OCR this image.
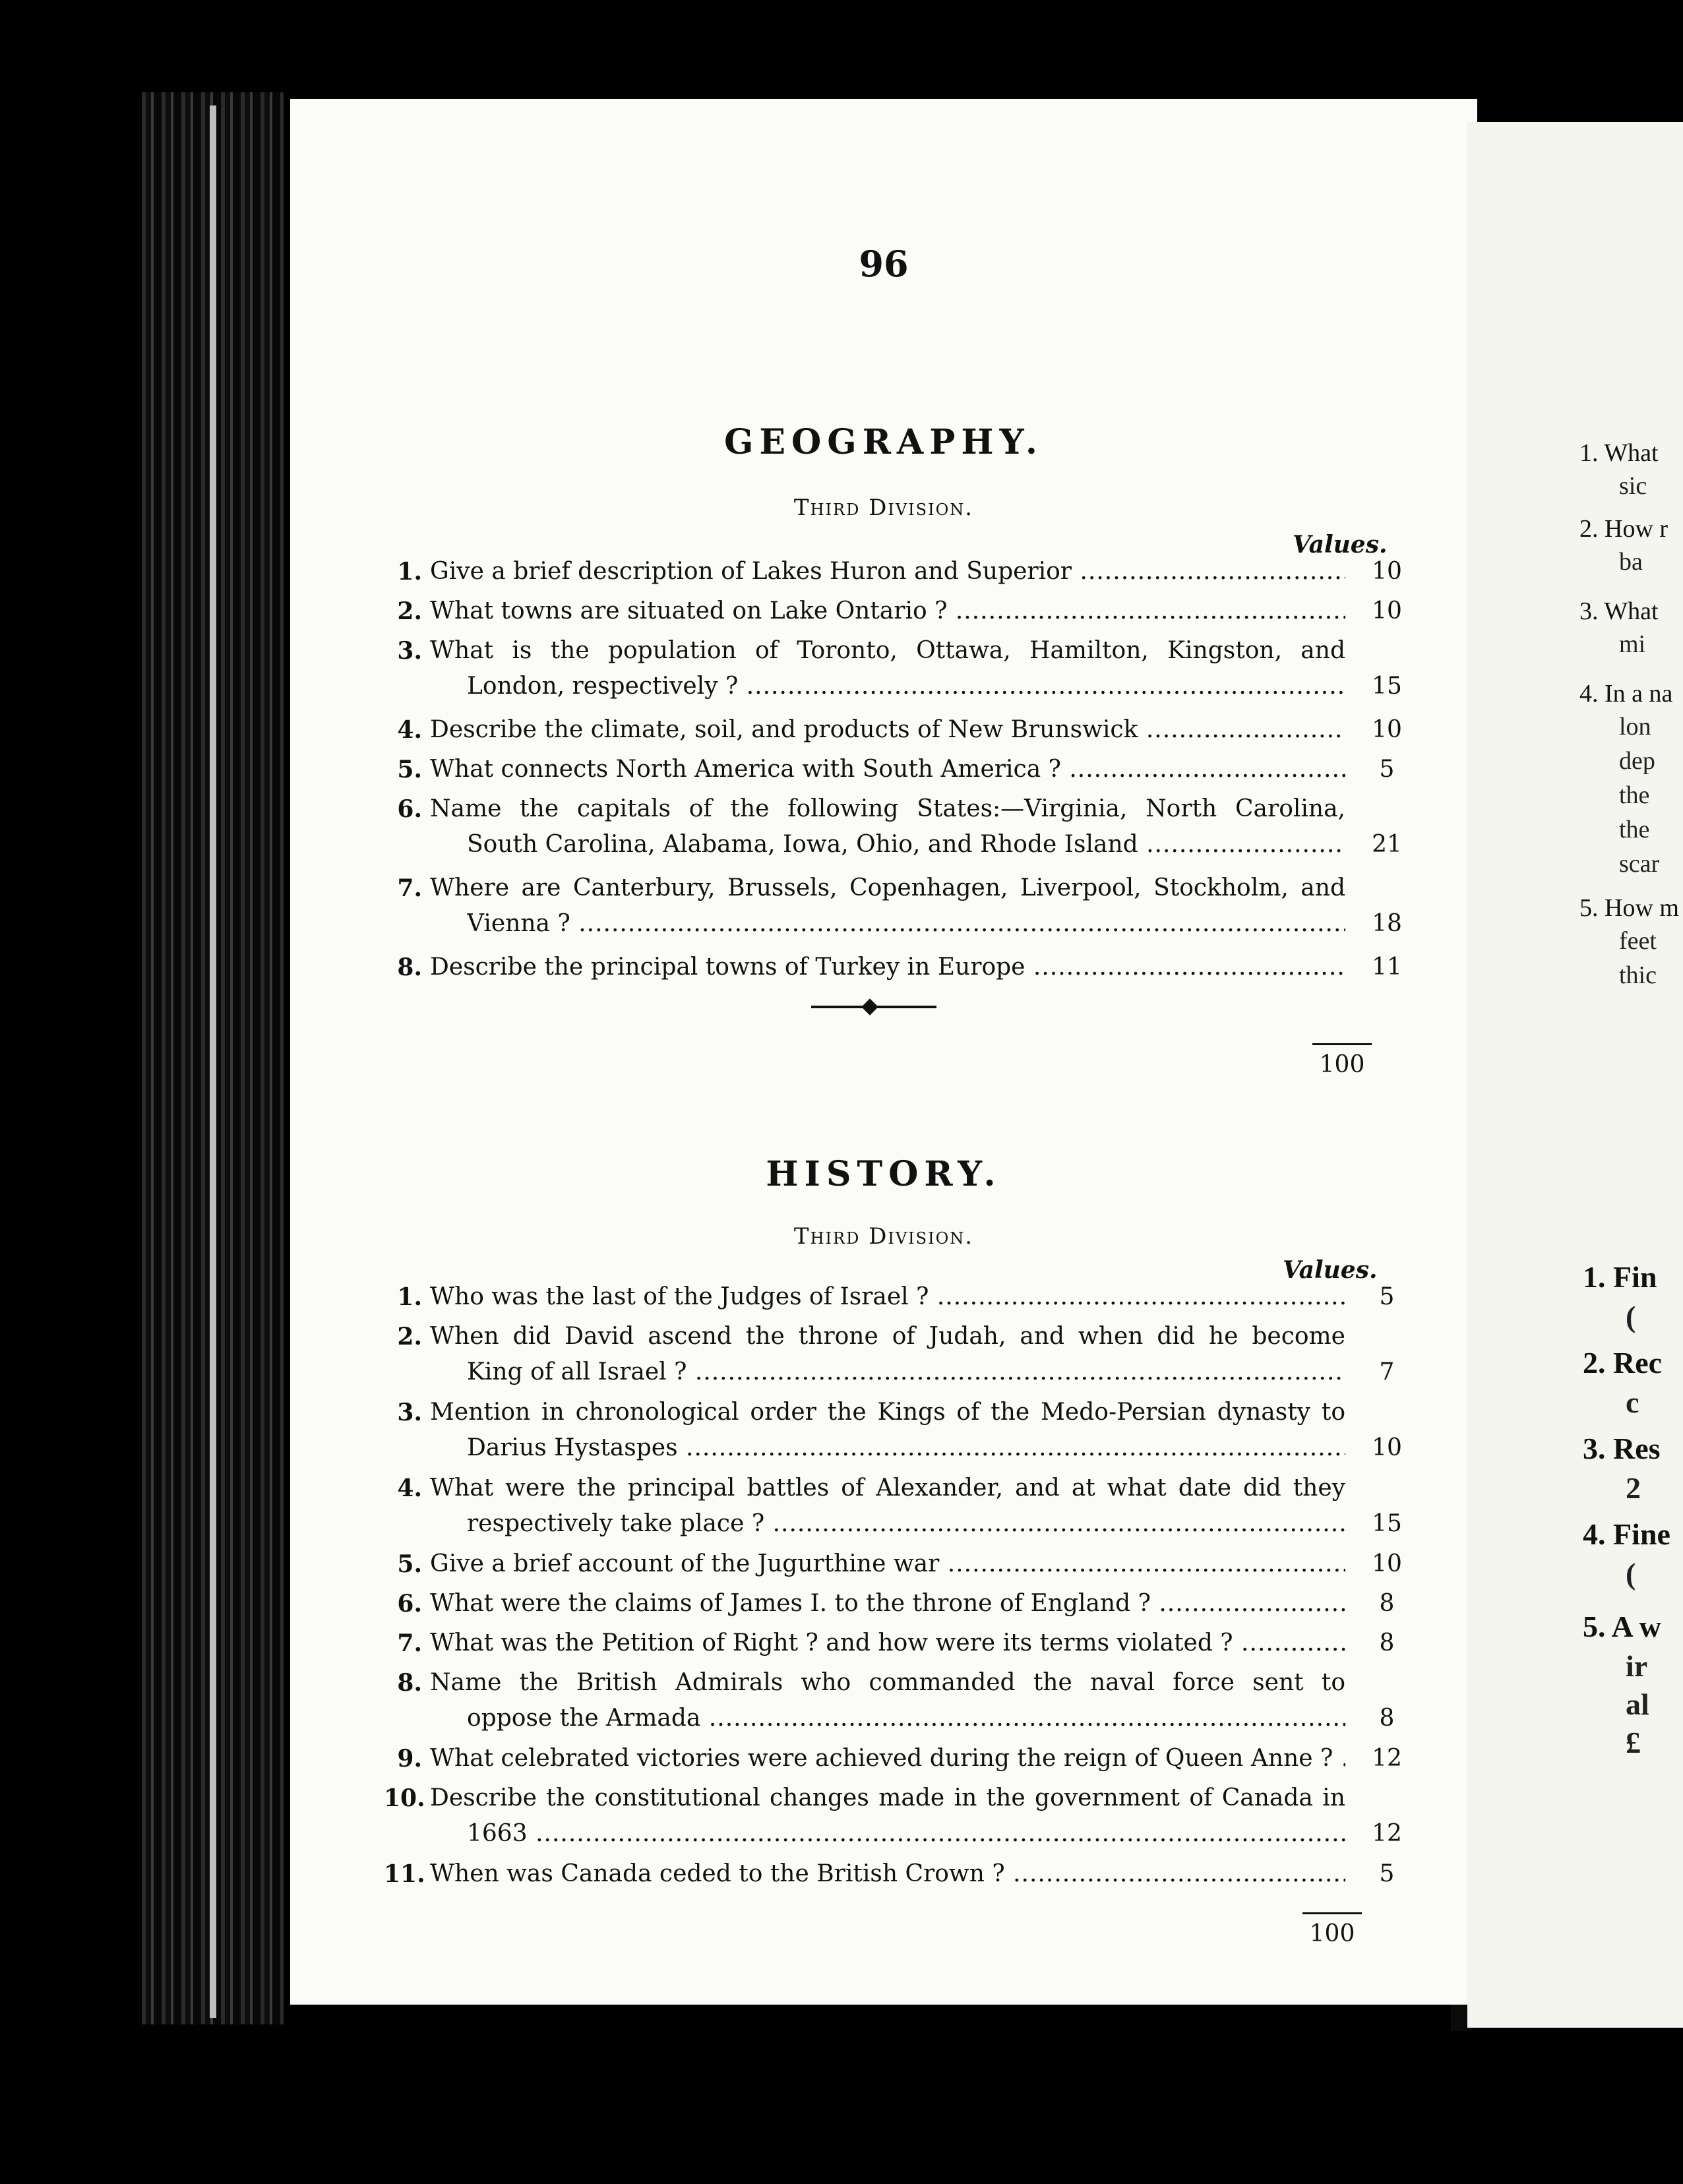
96
GEOGRAPHY.
Third Division.
Values.
1. Give a brief description of Lakes Huron and Superior .....	10
2. What towns are situated on Lake Ontario ? .....	10
3. What is the population of Toronto, Ottawa, Hamilton, Kingston, and
London, respectively ? .....	15
4. Describe the climate, soil, and products of New Brunswick .....	10
5. What connects North America with South America ? .....	5
6. Name the capitals of the following States:—Virginia, North Carolina,
South Carolina, Alabama, Iowa, Ohio, and Rhode Island .....	21
7. Where are Canterbury, Brussels, Copenhagen, Liverpool, Stockholm, and
Vienna ? .....	18
8. Describe the principal towns of Turkey in Europe .....	11
100
HISTORY.
Third Division.
Values.
1. Who was the last of the Judges of Israel ? .....	5
2. When did David ascend the throne of Judah, and when did he become
King of all Israel ? .....	7
3. Mention in chronological order the Kings of the Medo-Persian dynasty to
Darius Hystaspes .....	10
4. What were the principal battles of Alexander, and at what date did they
respectively take place ? .....	15
5. Give a brief account of the Jugurthine war .....	10
6. What were the claims of James I. to the throne of England ? .....	8
7. What was the Petition of Right ? and how were its terms violated ? .....	8
8. Name the British Admirals who commanded the naval force sent to
oppose the Armada .....	8
9. What celebrated victories were achieved during the reign of Queen Anne ? .....	12
10. Describe the constitutional changes made in the government of Canada in
1663 .....	12
11. When was Canada ceded to the British Crown ? .....	5
100
1. What
sic
2. How r
ba
3. What
mi
4. In a na
lon
dep
the
the
scar
5. How m
feet
thic
1. Fin
(
2. Rec
c
3. Res
2
4. Fine
(
5. A w
ir
al
£
